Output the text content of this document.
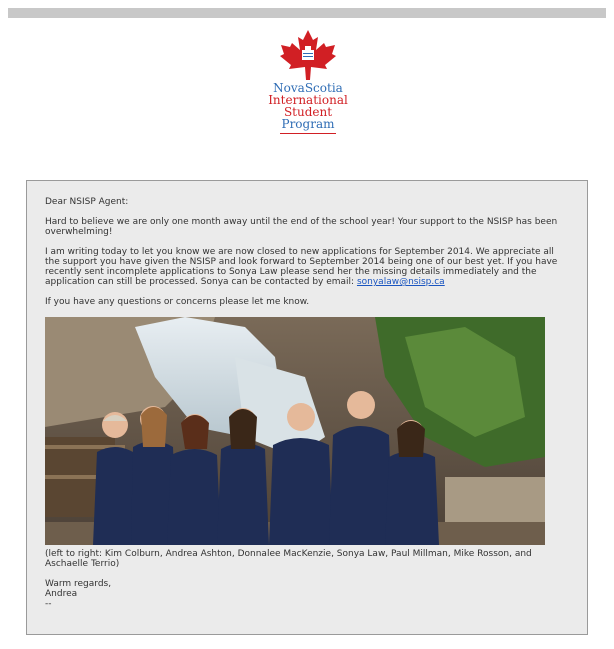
NovaScotia
International
Student
Program

Dear NSISP Agent:

Hard to believe we are only one month away until the end of the school year! Your support to the NSISP has been overwhelming!

I am writing today to let you know we are now closed to new applications for September 2014. We appreciate all the support you have given the NSISP and look forward to September 2014 being one of our best yet. If you have recently sent incomplete applications to Sonya Law please send her the missing details immediately and the application can still be processed. Sonya can be contacted by email: sonyalaw@nsisp.ca

If you have any questions or concerns please let me know.

(left to right: Kim Colburn, Andrea Ashton, Donnalee MacKenzie, Sonya Law, Paul Millman, Mike Rosson, and Aschaelle Terrio)
Warm regards,
Andrea
--
